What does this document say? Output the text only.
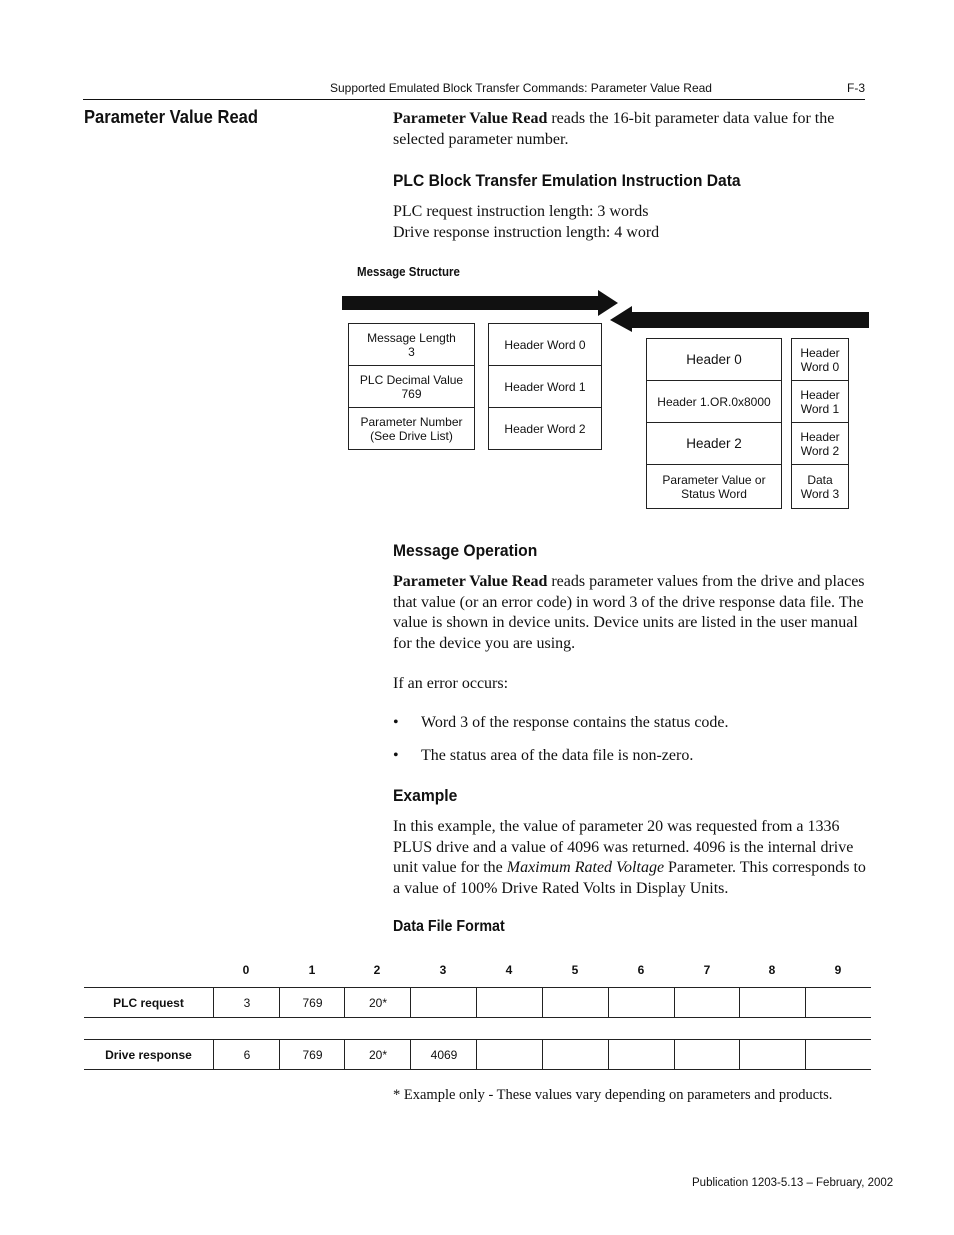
Supported Emulated Block Transfer Commands: Parameter Value Read	F-3
Parameter Value Read	Parameter Value Read reads the 16-bit parameter data value for the selected parameter number.
PLC Block Transfer Emulation Instruction Data
PLC request instruction length: 3 words
Drive response instruction length: 4 word
Message Structure
Message Length
3
PLC Decimal Value
769
Parameter Number
(See Drive List)
Header Word 0
Header Word 1
Header Word 2
Header 0
Header 1.OR.0x8000
Header 2
Parameter Value or
Status Word
Header
Word 0
Header
Word 1
Header
Word 2
Data
Word 3
Message Operation
Parameter Value Read reads parameter values from the drive and places that value (or an error code) in word 3 of the drive response data file. The value is shown in device units. Device units are listed in the user manual for the device you are using.
If an error occurs:
• Word 3 of the response contains the status code.
• The status area of the data file is non-zero.
Example
In this example, the value of parameter 20 was requested from a 1336 PLUS drive and a value of 4096 was returned. 4096 is the internal drive unit value for the Maximum Rated Voltage Parameter. This corresponds to a value of 100% Drive Rated Volts in Display Units.
Data File Format
0	1	2	3	4	5	6	7	8	9
PLC request	3	769	20*
Drive response	6	769	20*	4069
* Example only - These values vary depending on parameters and products.
Publication 1203-5.13 – February, 2002
